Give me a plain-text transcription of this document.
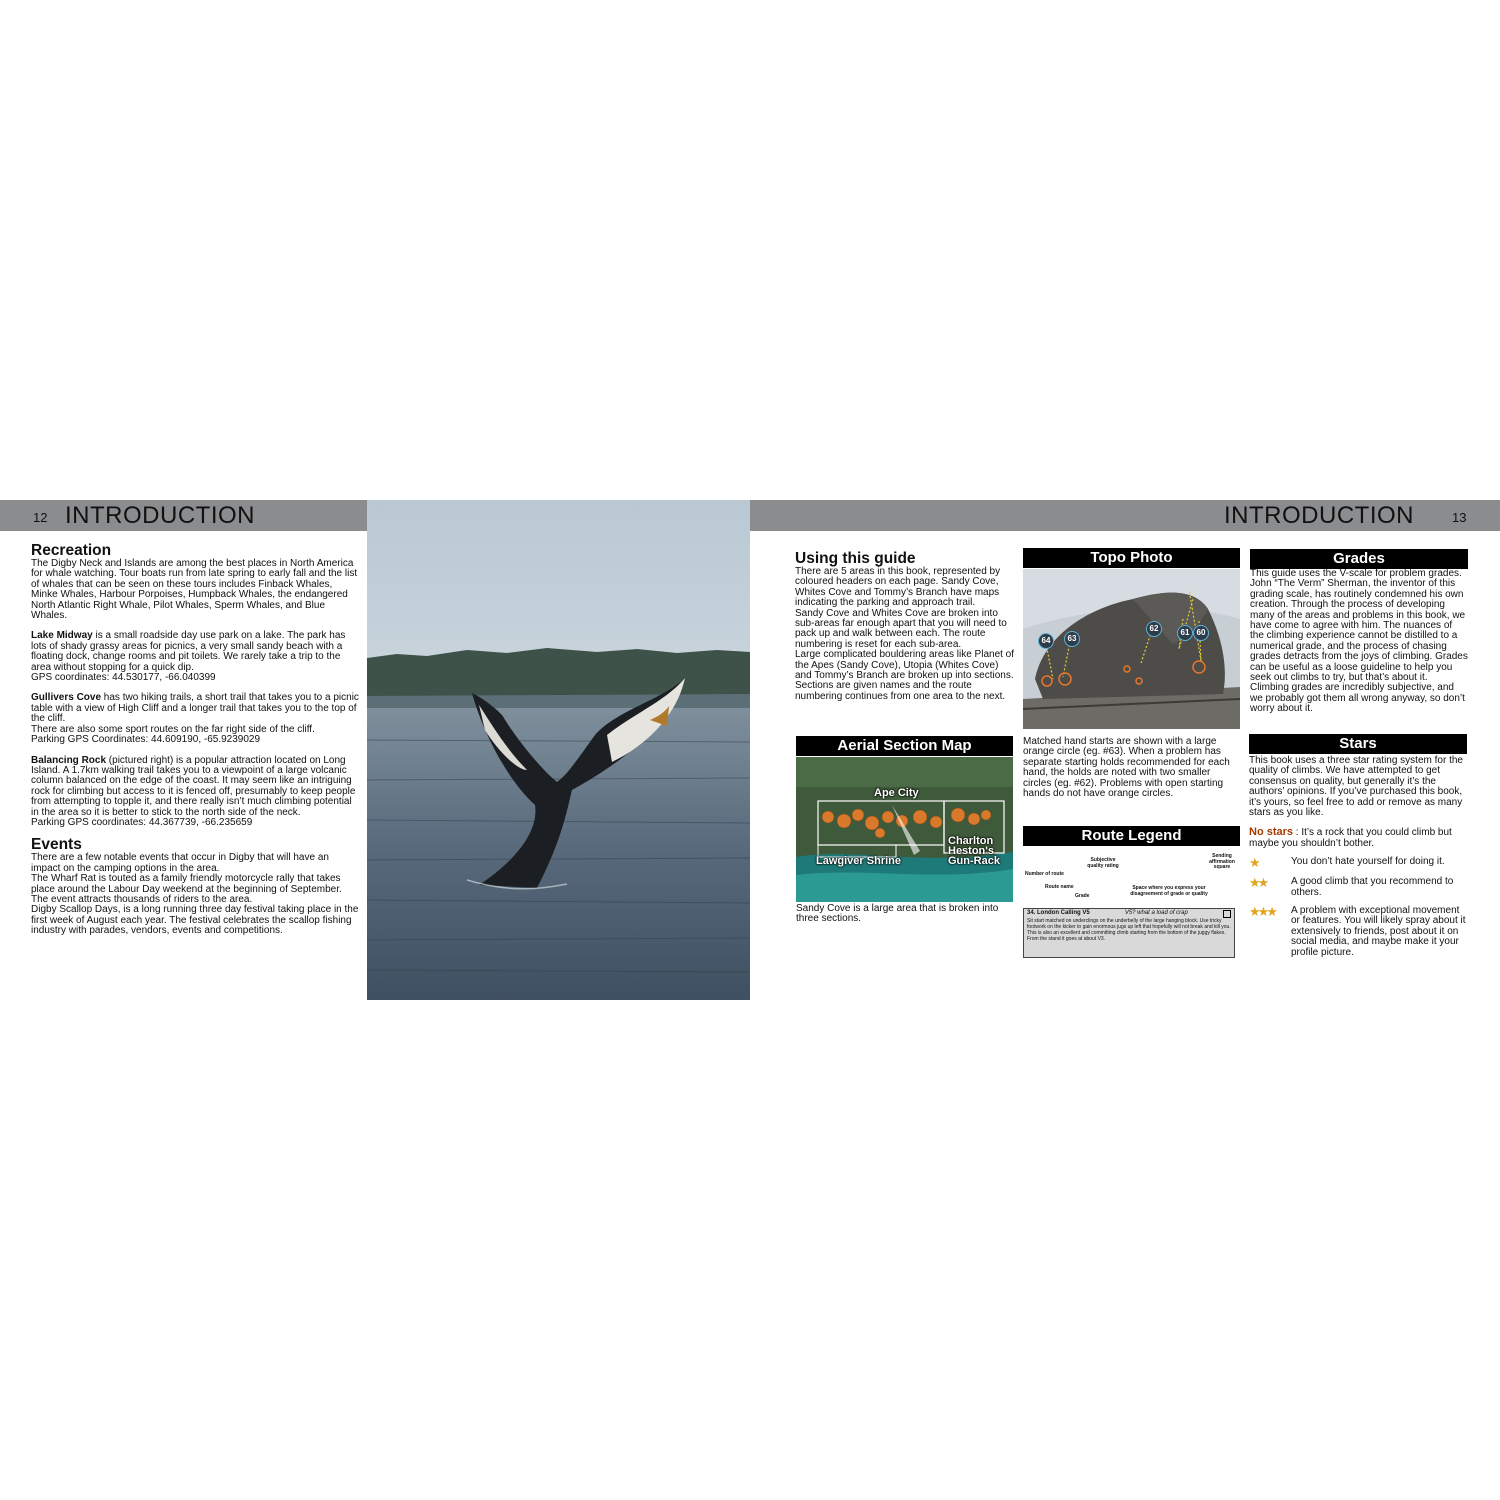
12 INTRODUCTION	INTRODUCTION	13
Recreation

The Digby Neck and Islands are among the best places in North America for whale watching. Tour boats run from late spring to early fall and the list of whales that can be seen on these tours includes Finback Whales, Minke Whales, Harbour Porpoises, Humpback Whales, the endangered North Atlantic Right Whale, Pilot Whales, Sperm Whales, and Blue Whales.

Lake Midway is a small roadside day use park on a lake. The park has lots of shady grassy areas for picnics, a very small sandy beach with a floating dock, change rooms and pit toilets. We rarely take a trip to the area without stopping for a quick dip.

GPS coordinates: 44.530177, -66.040399

Gullivers Cove has two hiking trails, a short trail that takes you to a picnic table with a view of High Cliff and a longer trail that takes you to the top of the cliff.

There are also some sport routes on the far right side of the cliff.

Parking GPS Coordinates: 44.609190, -65.9239029

Balancing Rock (pictured right) is a popular attraction located on Long Island. A 1.7km walking trail takes you to a viewpoint of a large volcanic column balanced on the edge of the coast. It may seem like an intriguing rock for climbing but access to it is fenced off, presumably to keep people from attempting to topple it, and there really isn’t much climbing potential in the area so it is better to stick to the north side of the neck.

Parking GPS coordinates: 44.367739, -66.235659

Events

There are a few notable events that occur in Digby that will have an impact on the camping options in the area.

The Wharf Rat is touted as a family friendly motorcycle rally that takes place around the Labour Day weekend at the beginning of September. The event attracts thousands of riders to the area.

Digby Scallop Days, is a long running three day festival taking place in the first week of August each year. The festival celebrates the scallop fishing industry with parades, vendors, events and competitions.

Using this guide

There are 5 areas in this book, represented by coloured headers on each page. Sandy Cove, Whites Cove and Tommy’s Branch have maps indicating the parking and approach trail.

Sandy Cove and Whites Cove are broken into sub-areas far enough apart that you will need to pack up and walk between each. The route numbering is reset for each sub-area.

Large complicated bouldering areas like Planet of the Apes (Sandy Cove), Utopia (Whites Cove) and Tommy’s Branch are broken up into sections. Sections are given names and the route numbering continues from one area to the next.

Aerial Section Map
Ape City
Lawgiver Shrine
Charlton Heston's Gun-Rack

Sandy Cove is a large area that is broken into three sections.

Topo Photo
64	63
62	61 60

Matched hand starts are shown with a large orange circle (eg. #63). When a problem has separate starting holds recommended for each hand, the holds are noted with two smaller circles (eg. #62). Problems with open starting hands do not have orange circles.

Route Legend
Number of route
Route name
Subjective quality rating
Grade
Space where you express your disagreement of grade or quality
Sending affirmation square
34. London Calling V5	V5? what a load of crap
Sit start matched on underclings on the underbelly of the large hanging block. Use tricky footwork on the kicker to gain enormous jugs up left that hopefully will not break and kill you.
This is also an excellent and committing climb starting from the bottom of the juggy flakes. From the stand it goes at about V3.
Grades

This guide uses the V-scale for problem grades.

John “The Verm” Sherman, the inventor of this grading scale, has routinely condemned his own creation. Through the process of developing many of the areas and problems in this book, we have come to agree with him. The nuances of the climbing experience cannot be distilled to a numerical grade, and the process of chasing grades detracts from the joys of climbing. Grades can be useful as a loose guideline to help you seek out climbs to try, but that’s about it. Climbing grades are incredibly subjective, and we probably got them all wrong anyway, so don’t worry about it.

Stars

This book uses a three star rating system for the quality of climbs. We have attempted to get consensus on quality, but generally it’s the authors’ opinions. If you’ve purchased this book, it’s yours, so feel free to add or remove as many stars as you like.

No stars : It’s a rock that you could climb but maybe you shouldn’t bother.

★	You don’t hate yourself for doing it.
★★	A good climb that you recommend to others.
★★★	A problem with exceptional movement or features. You will likely spray about it extensively to friends, post about it on social media, and maybe make it your profile picture.
